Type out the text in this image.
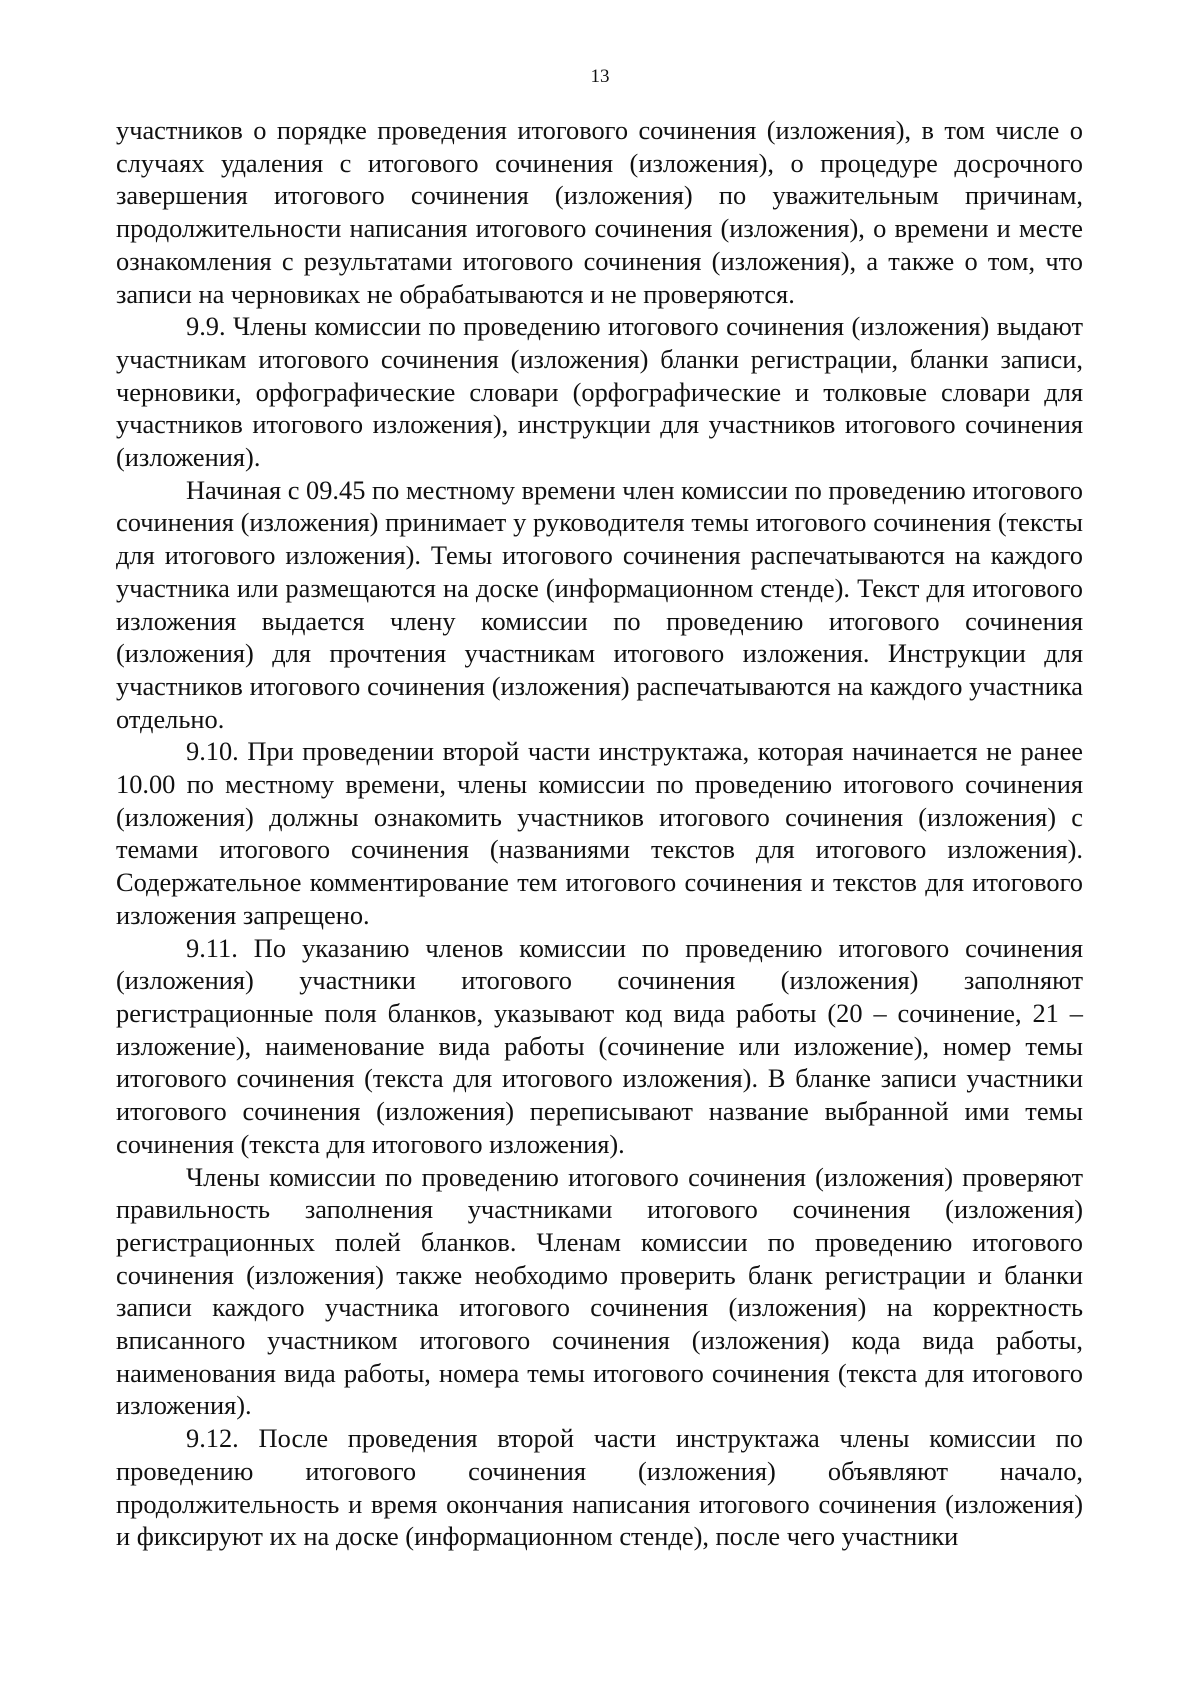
13

участников о порядке проведения итогового сочинения (изложения), в том числе о случаях удаления с итогового сочинения (изложения), о процедуре досрочного завершения итогового сочинения (изложения) по уважительным причинам, продолжительности написания итогового сочинения (изложения), о времени и месте ознакомления с результатами итогового сочинения (изложения), а также о том, что записи на черновиках не обрабатываются и не проверяются.

9.9. Члены комиссии по проведению итогового сочинения (изложения) выдают участникам итогового сочинения (изложения) бланки регистрации, бланки записи, черновики, орфографические словари (орфографические и толковые словари для участников итогового изложения), инструкции для участников итогового сочинения (изложения).

Начиная с 09.45 по местному времени член комиссии по проведению итогового сочинения (изложения) принимает у руководителя темы итогового сочинения (тексты для итогового изложения). Темы итогового сочинения распечатываются на каждого участника или размещаются на доске (информационном стенде). Текст для итогового изложения выдается члену комиссии по проведению итогового сочинения (изложения) для прочтения участникам итогового изложения. Инструкции для участников итогового сочинения (изложения) распечатываются на каждого участника отдельно.

9.10. При проведении второй части инструктажа, которая начинается не ранее 10.00 по местному времени, члены комиссии по проведению итогового сочинения (изложения) должны ознакомить участников итогового сочинения (изложения) с темами итогового сочинения (названиями текстов для итогового изложения). Содержательное комментирование тем итогового сочинения и текстов для итогового изложения запрещено.

9.11. По указанию членов комиссии по проведению итогового сочинения (изложения) участники итогового сочинения (изложения) заполняют регистрационные поля бланков, указывают код вида работы (20 – сочинение, 21 – изложение), наименование вида работы (сочинение или изложение), номер темы итогового сочинения (текста для итогового изложения). В бланке записи участники итогового сочинения (изложения) переписывают название выбранной ими темы сочинения (текста для итогового изложения).

Члены комиссии по проведению итогового сочинения (изложения) проверяют правильность заполнения участниками итогового сочинения (изложения) регистрационных полей бланков. Членам комиссии по проведению итогового сочинения (изложения) также необходимо проверить бланк регистрации и бланки записи каждого участника итогового сочинения (изложения) на корректность вписанного участником итогового сочинения (изложения) кода вида работы, наименования вида работы, номера темы итогового сочинения (текста для итогового изложения).

9.12. После проведения второй части инструктажа члены комиссии по проведению итогового сочинения (изложения) объявляют начало, продолжительность и время окончания написания итогового сочинения (изложения) и фиксируют их на доске (информационном стенде), после чего участники
